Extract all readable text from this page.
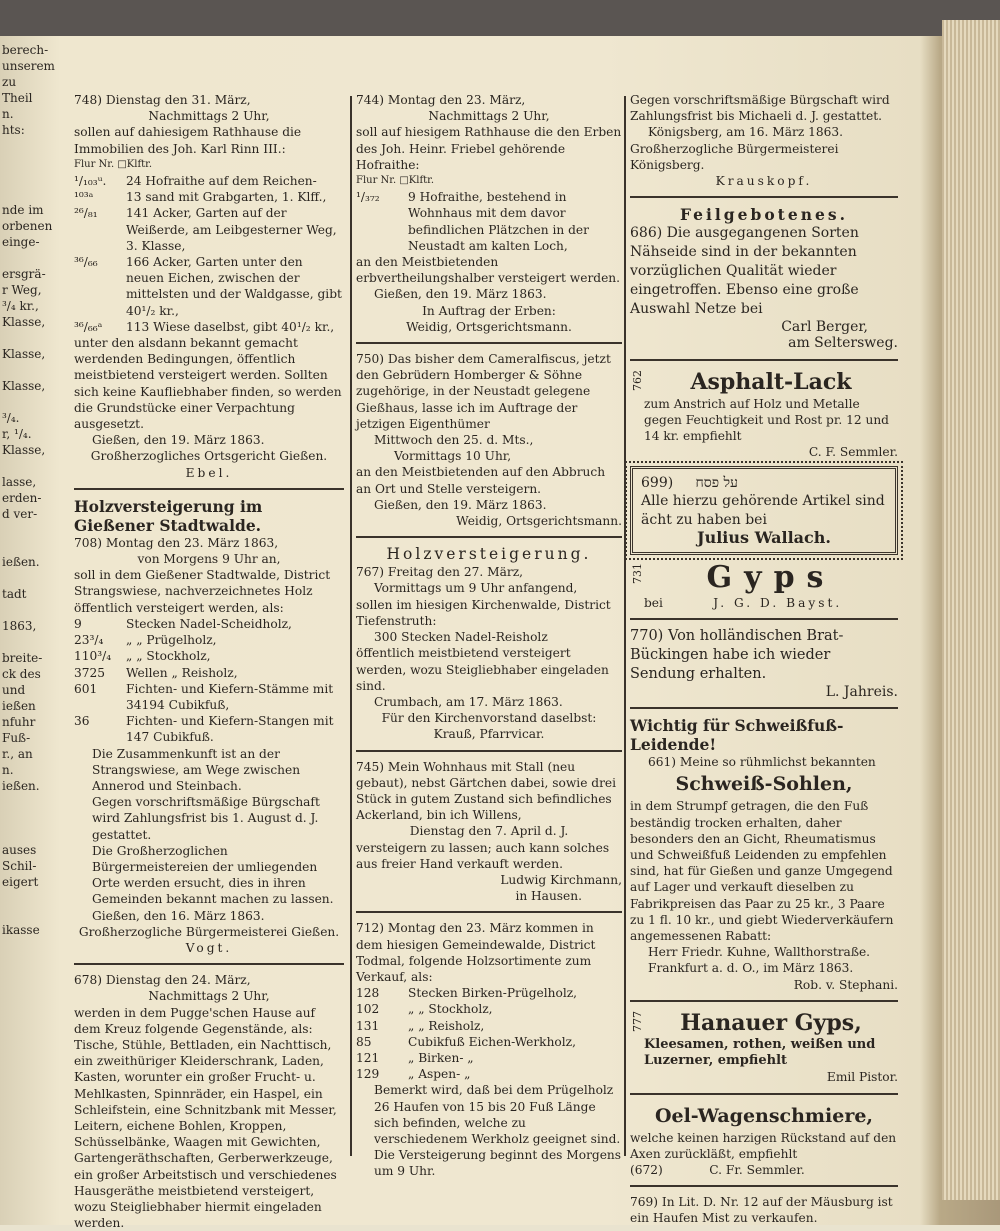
berech-

unserem

zu Theil

n.

hts:

nde im

orbenen

einge-

ersgrä-

r Weg,

³/₄ kr.,

Klasse,

Klasse,

Klasse,

³/₄.

r, ¹/₄.

Klasse,

lasse,

erden-

d ver-

ießen.

tadt

1863,

breite-

ck des

und

ießen

nfuhr

Fuß-

r., an

n.

ießen.

auses

Schil-

eigert

ikasse

748) Dienstag den 31. März,

Nachmittags 2 Uhr,

sollen auf dahiesigem Rathhause die Immobilien des Joh. Karl Rinn III.:

Flur Nr. □Klftr.

¹/₁₀₃ᵘ.	24 Hofraithe auf dem Reichen-
¹⁰³ᵃ	13 sand mit Grabgarten, 1. Klff.,
²⁶/₈₁	141 Acker, Garten auf der Weißerde, am Leibgesterner Weg, 3. Klasse,
³⁶/₆₆	166 Acker, Garten unter den neuen Eichen, zwischen der mittelsten und der Waldgasse, gibt 40¹/₂ kr.,
³⁶/₆₆ᵃ	113 Wiese daselbst, gibt 40¹/₂ kr.,

unter den alsdann bekannt gemacht werdenden Bedingungen, öffentlich meistbietend versteigert werden. Sollten sich keine Kaufliebhaber finden, so werden die Grundstücke einer Verpachtung ausgesetzt.

Gießen, den 19. März 1863.

Großherzogliches Ortsgericht Gießen.

Ebel.

Holzversteigerung im Gießener Stadtwalde.

708) Montag den 23. März 1863,

von Morgens 9 Uhr an,

soll in dem Gießener Stadtwalde, District Strangswiese, nachverzeichnetes Holz öffentlich versteigert werden, als:

9	Stecken Nadel-Scheidholz,
23³/₄	„ „ Prügelholz,
110³/₄	„ „ Stockholz,
3725	Wellen „ Reisholz,
601	Fichten- und Kiefern-Stämme mit 34194 Cubikfuß,
36	Fichten- und Kiefern-Stangen mit 147 Cubikfuß.

Die Zusammenkunft ist an der Strangswiese, am Wege zwischen Annerod und Steinbach.

Gegen vorschriftsmäßige Bürgschaft wird Zahlungsfrist bis 1. August d. J. gestattet.

Die Großherzoglichen Bürgermeistereien der umliegenden Orte werden ersucht, dies in ihren Gemeinden bekannt machen zu lassen.

Gießen, den 16. März 1863.

Großherzogliche Bürgermeisterei Gießen.

Vogt.

678) Dienstag den 24. März,

Nachmittags 2 Uhr,

werden in dem Pugge'schen Hause auf dem Kreuz folgende Gegenstände, als: Tische, Stühle, Bettladen, ein Nachttisch, ein zweithüriger Kleiderschrank, Laden, Kasten, worunter ein großer Frucht- u. Mehlkasten, Spinnräder, ein Haspel, ein Schleifstein, eine Schnitzbank mit Messer, Leitern, eichene Bohlen, Kroppen, Schüsselbänke, Waagen mit Gewichten, Gartengeräthschaften, Gerberwerkzeuge, ein großer Arbeitstisch und verschiedenes Hausgeräthe meistbietend versteigert, wozu Steigliebhaber hiermit eingeladen werden.

744) Montag den 23. März,

Nachmittags 2 Uhr,

soll auf hiesigem Rathhause die den Erben des Joh. Heinr. Friebel gehörende Hofraithe:

Flur Nr. □Klftr.

¹/₃₇₂	9 Hofraithe, bestehend in Wohnhaus mit dem davor befindlichen Plätzchen in der Neustadt am kalten Loch,

an den Meistbietenden erbvertheilungshalber versteigert werden.

Gießen, den 19. März 1863.

In Auftrag der Erben:

Weidig, Ortsgerichtsmann.

750) Das bisher dem Cameralfiscus, jetzt den Gebrüdern Homberger & Söhne zugehörige, in der Neustadt gelegene Gießhaus, lasse ich im Auftrage der jetzigen Eigenthümer

Mittwoch den 25. d. Mts.,

Vormittags 10 Uhr,

an den Meistbietenden auf den Abbruch an Ort und Stelle versteigern.

Gießen, den 19. März 1863.

Weidig, Ortsgerichtsmann.

Holzversteigerung.

767) Freitag den 27. März,

Vormittags um 9 Uhr anfangend,

sollen im hiesigen Kirchenwalde, District Tiefenstruth:

300 Stecken Nadel-Reisholz

öffentlich meistbietend versteigert werden, wozu Steigliebhaber eingeladen sind.

Crumbach, am 17. März 1863.

Für den Kirchenvorstand daselbst:

Krauß, Pfarrvicar.

745) Mein Wohnhaus mit Stall (neu gebaut), nebst Gärtchen dabei, sowie drei Stück in gutem Zustand sich befindliches Ackerland, bin ich Willens,

Dienstag den 7. April d. J.

versteigern zu lassen; auch kann solches aus freier Hand verkauft werden.

Ludwig Kirchmann,

in Hausen.

712) Montag den 23. März kommen in dem hiesigen Gemeindewalde, District Todmal, folgende Holzsortimente zum Verkauf, als:

128	Stecken Birken-Prügelholz,
102	„ „ Stockholz,
131	„ „ Reisholz,
85	Cubikfuß Eichen-Werkholz,
121	„ Birken- „
129	„ Aspen- „

Bemerkt wird, daß bei dem Prügelholz 26 Haufen von 15 bis 20 Fuß Länge sich befinden, welche zu verschiedenem Werkholz geeignet sind.

Die Versteigerung beginnt des Morgens um 9 Uhr.

Gegen vorschriftsmäßige Bürgschaft wird Zahlungsfrist bis Michaeli d. J. gestattet.

Königsberg, am 16. März 1863.

Großherzogliche Bürgermeisterei Königsberg.

Krauskopf.

Feilgebotenes.

686) Die ausgegangenen Sorten Nähseide sind in der bekannten vorzüglichen Qualität wieder eingetroffen. Ebenso eine große Auswahl Netze bei

Carl Berger,

am Seltersweg.

762	Asphalt-Lack

zum Anstrich auf Holz und Metalle gegen Feuchtigkeit und Rost pr. 12 und 14 kr. empfiehlt

C. F. Semmler.

699) על פסח

Alle hierzu gehörende Artikel sind ächt zu haben bei

Julius Wallach.

731	Gyps

bei	J. G. D. Bayst.

770) Von holländischen Brat-Bückingen habe ich wieder Sendung erhalten.

L. Jahreis.

Wichtig für Schweißfuß-Leidende!

661) Meine so rühmlichst bekannten

Schweiß-Sohlen,

in dem Strumpf getragen, die den Fuß beständig trocken erhalten, daher besonders den an Gicht, Rheumatismus und Schweißfuß Leidenden zu empfehlen sind, hat für Gießen und ganze Umgegend auf Lager und verkauft dieselben zu Fabrikpreisen das Paar zu 25 kr., 3 Paare zu 1 fl. 10 kr., und giebt Wiederverkäufern angemessenen Rabatt:

Herr Friedr. Kuhne, Wallthorstraße.

Frankfurt a. d. O., im März 1863.

Rob. v. Stephani.

777	Hanauer Gyps,

Kleesamen, rothen, weißen und Luzerner, empfiehlt

Emil Pistor.

Oel-Wagenschmiere,

welche keinen harzigen Rückstand auf den Axen zurückläßt, empfiehlt

(672)	C. Fr. Semmler.

769) In Lit. D. Nr. 12 auf der Mäusburg ist ein Haufen Mist zu verkaufen.
